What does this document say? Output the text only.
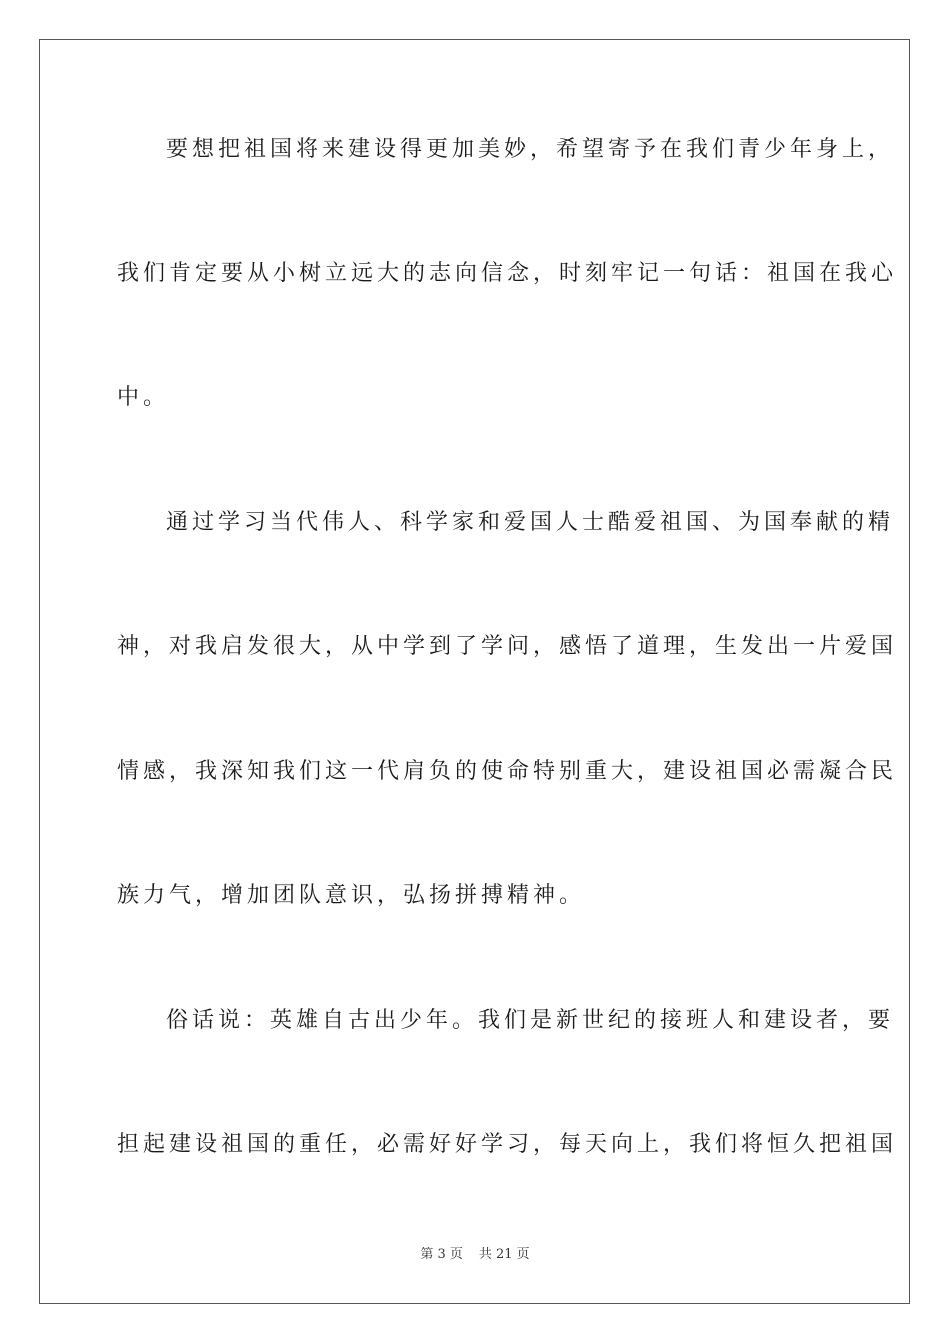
要想把祖国将来建设得更加美妙，希望寄予在我们青少年身上，
我们肯定要从小树立远大的志向信念，时刻牢记一句话：祖国在我心
中。
通过学习当代伟人、科学家和爱国人士酷爱祖国、为国奉献的精
神，对我启发很大，从中学到了学问，感悟了道理，生发出一片爱国
情感，我深知我们这一代肩负的使命特别重大，建设祖国必需凝合民
族力气，增加团队意识，弘扬拼搏精神。
俗话说：英雄自古出少年。我们是新世纪的接班人和建设者，要
担起建设祖国的重任，必需好好学习，每天向上，我们将恒久把祖国
第 3 页 共 21 页
